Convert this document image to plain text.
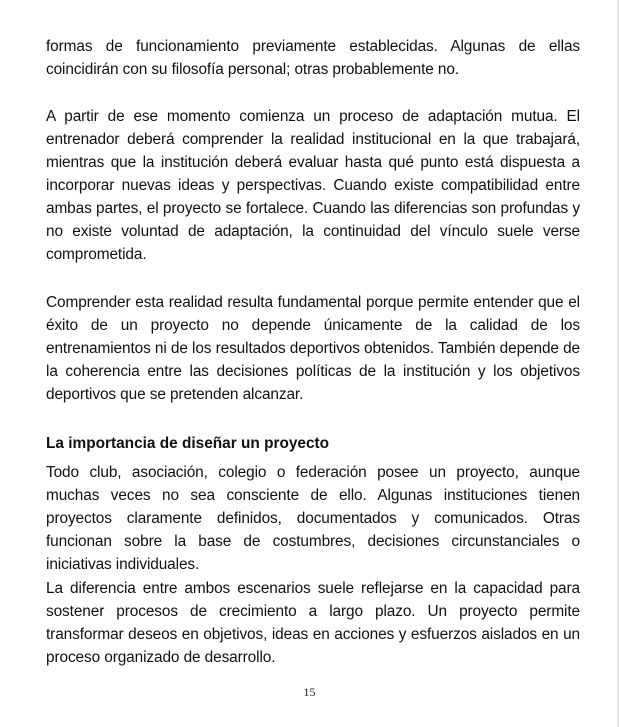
formas de funcionamiento previamente establecidas. Algunas de ellas coincidirán con su filosofía personal; otras probablemente no.

A partir de ese momento comienza un proceso de adaptación mutua. El entrenador deberá comprender la realidad institucional en la que trabajará, mientras que la institución deberá evaluar hasta qué punto está dispuesta a incorporar nuevas ideas y perspectivas. Cuando existe compatibilidad entre ambas partes, el proyecto se fortalece. Cuando las diferencias son profundas y no existe voluntad de adaptación, la continuidad del vínculo suele verse comprometida.

Comprender esta realidad resulta fundamental porque permite entender que el éxito de un proyecto no depende únicamente de la calidad de los entrenamientos ni de los resultados deportivos obtenidos. También depende de la coherencia entre las decisiones políticas de la institución y los objetivos deportivos que se pretenden alcanzar.

La importancia de diseñar un proyecto

Todo club, asociación, colegio o federación posee un proyecto, aunque muchas veces no sea consciente de ello. Algunas instituciones tienen proyectos claramente definidos, documentados y comunicados. Otras funcionan sobre la base de costumbres, decisiones circunstanciales o iniciativas individuales.

La diferencia entre ambos escenarios suele reflejarse en la capacidad para sostener procesos de crecimiento a largo plazo. Un proyecto permite transformar deseos en objetivos, ideas en acciones y esfuerzos aislados en un proceso organizado de desarrollo.

15
